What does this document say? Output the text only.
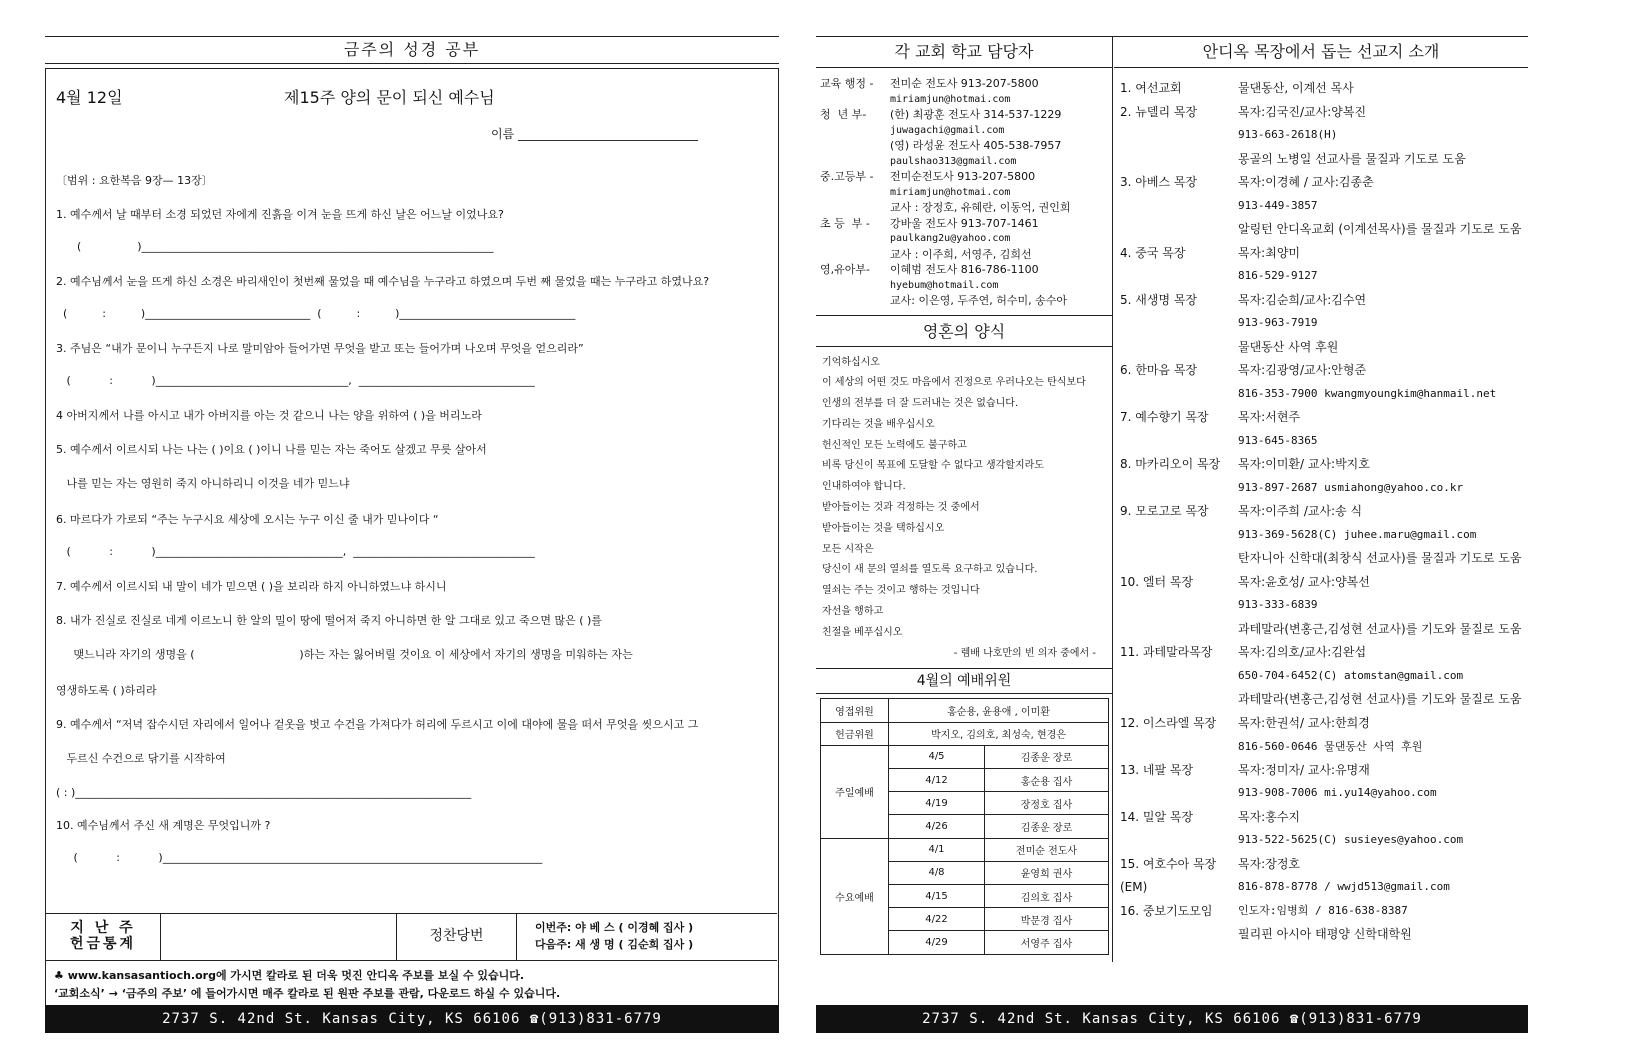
금주의 성경 공부
4월 12일	제15주 양의 문이 되신 예수님
이름 ______________________________
〔범위 : 요한복음 9장— 13장〕
1. 예수께서 날 때부터 소경 되었던 자에게 진흙을 이겨 눈을 뜨게 하신 날은 어느날 이었나요?
(                )________________________________________________________________
2. 예수님께서 눈을 뜨게 하신 소경은 바리새인이 첫번째 물었을 때 예수님을 누구라고 하였으며 두번 째 물었을 때는 누구라고 하였나요?
(          :          )______________________________  (          :          )________________________________
3. 주님은 “내가 문이니 누구든지 나로 말미암아 들어가면 무엇을 받고 또는 들어가며 나오며 무엇을 얻으리라”
(           :           )___________________________________,  ________________________________
4 아버지께서 나를 아시고 내가 아버지를 아는 것 같으니 나는 양을 위하여 ( )을 버리노라
5. 예수께서 이르시되 나는 나는 ( )이요 ( )이니 나를 믿는 자는 죽어도 살겠고 무릇 살아서
나를 믿는 자는 영원히 죽지 아니하리니 이것을 네가 믿느냐
6. 마르다가 가로되 “주는 누구시요 세상에 오시는 누구 이신 줄 내가 믿나이다 “
(           :           )__________________________________,  _________________________________
7. 예수께서 이르시되 내 말이 네가 믿으면 ( )을 보리라 하지 아니하였느냐 하시니
8. 내가 진실로 진실로 네게 이르노니 한 알의 밀이 땅에 떨어져 죽지 아니하면 한 알 그대로 있고 죽으면 많은 ( )를
맺느니라 자기의 생명을 (                              )하는 자는 잃어버릴 것이요 이 세상에서 자기의 생명을 미워하는 자는
영생하도록 ( )하리라
9. 예수께서 “저녁 잡수시던 자리에서 일어나 겉옷을 벗고 수건을 가져다가 허리에 두르시고 이에 대야에 물을 떠서 무엇을 씻으시고 그
두르신 수건으로 닦기를 시작하여
( : )________________________________________________________________________
10. 예수님께서 주신 새 계명은 무엇입니까 ?
(           :           )_____________________________________________________________________
지 난 주
헌금통계	정찬당번
이번주: 야 베 스 ( 이경혜 집사 )
다음주: 새 생 명 ( 김순희 집사 )
♣ www.kansasantioch.org에 가시면 칼라로 된 더욱 멋진 안디옥 주보를 보실 수 있습니다.
‘교회소식’ → ‘금주의 주보’ 에 들어가시면 매주 칼라로 된 원판 주보를 관람, 다운로드 하실 수 있습니다.
2737 S. 42nd St. Kansas City, KS 66106 ☎(913)831-6779
각 교회 학교 담당자
교육 행정 -	전미순 전도사 913-207-5800
miriamjun@hotmai.com
청  년 부-	(한) 최광훈 전도사 314-537-1229
juwagachi@gmail.com
(영) 라성윤 전도사 405-538-7957
paulshao313@gmail.com
중.고등부 -	전미순전도사 913-207-5800
miriamjun@hotmai.com
교사 : 장정호, 유혜란, 이동억, 권인희
초 등  부 -	강바울 전도사 913-707-1461
paulkang2u@yahoo.com
교사 : 이주희, 서영주, 김희선
영,유아부-	이혜범 전도사 816-786-1100
hyebum@hotmail.com
교사: 이은영, 두주연, 허수미, 송수아
영혼의 양식
기억하십시오
이 세상의 어떤 것도 마음에서 진정으로 우러나오는 탄식보다
인생의 전부를 더 잘 드러내는 것은 없습니다.
기다리는 것을 배우십시오
헌신적인 모든 노력에도 불구하고
비록 당신이 목표에 도달할 수 없다고 생각할지라도
인내하여야 합니다.
받아들이는 것과 걱정하는 것 중에서
받아들이는 것을 택하십시오
모든 시작은
당신이 새 문의 열쇠를 열도록 요구하고 있습니다.
열쇠는 주는 것이고 행하는 것입니다
자선을 행하고
친절을 베푸십시오
- 렘배 나호만의 빈 의자 중에서 -
4월의 예배위원
영접위원	홍순용, 윤용애 , 이미환	
헌금위원	박지오, 김의호, 최성숙, 현경은	
주일예배	4/5	김종운 장로
	4/12	홍순용 집사
	4/19	장정호 집사
	4/26	김종운 장로
수요예배	4/1	전미순 전도사
	4/8	윤영희 권사
	4/15	김의호 집사
	4/22	박문경 집사
	4/29	서영주 집사
안디옥 목장에서 돕는 선교지 소개
1. 여선교회	물댄동산, 이계선 목사
2. 뉴델리 목장	목자:김국진/교사:양복진
913-663-2618(H)
몽골의 노병일 선교사를 물질과 기도로 도움
3. 아베스 목장	목자:이경혜 / 교사:김종춘
913-449-3857
알링턴 안디옥교회 (이계선목사)를 물질과 기도로 도움
4. 중국 목장	목자:최양미
816-529-9127
5. 새생명 목장	목자:김순희/교사:김수연
913-963-7919
물댄동산 사역 후원
6. 한마음 목장	목자:김광영/교사:안형준
816-353-7900 kwangmyoungkim@hanmail.net
7. 예수향기 목장	목자:서현주
913-645-8365
8. 마카리오이 목장	목자:이미환/ 교사:박지호
913-897-2687 usmiahong@yahoo.co.kr
9. 모로고로 목장	목자:이주희 /교사:송 식
913-369-5628(C) juhee.maru@gmail.com
탄자니아 신학대(최창식 선교사)를 물질과 기도로 도움
10. 엘터 목장	목자:윤호성/ 교사:양복선
913-333-6839
과테말라(변홍근,김성현 선교사)를 기도와 물질로 도움
11. 과테말라목장	목자:김의호/교사:김완섭
650-704-6452(C) atomstan@gmail.com
과테말라(변홍근,김성현 선교사)를 기도와 물질로 도움
12. 이스라엘 목장	목자:한권석/ 교사:한희경
816-560-0646 물댄동산 사역 후원
13. 네팔 목장	목자:정미자/ 교사:유명재
913-908-7006 mi.yu14@yahoo.com
14. 밀알 목장	목자:홍수지
913-522-5625(C) susieyes@yahoo.com
15. 여호수아 목장	목자:장정호
(EM)	816-878-8778 / wwjd513@gmail.com
16. 중보기도모임	인도자:임병희 / 816-638-8387
필리핀 아시아 태평양 신학대학원
2737 S. 42nd St. Kansas City, KS 66106 ☎(913)831-6779
